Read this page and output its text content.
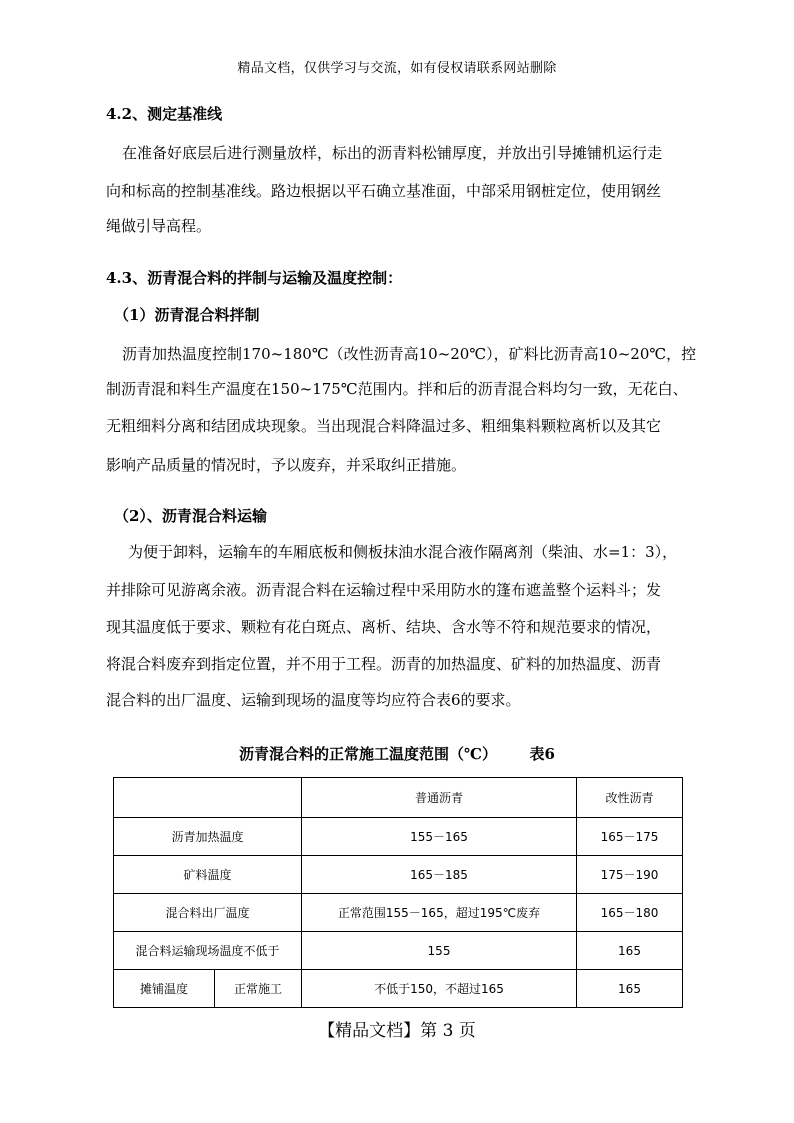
精品文档，仅供学习与交流，如有侵权请联系网站删除
4.2、测定基准线
在准备好底层后进行测量放样，标出的沥青料松铺厚度，并放出引导摊铺机运行走
向和标高的控制基准线。路边根据以平石确立基准面，中部采用钢桩定位，使用钢丝
绳做引导高程。
4.3、沥青混合料的拌制与运输及温度控制：
（1）沥青混合料拌制
沥青加热温度控制170~180℃（改性沥青高10~20℃），矿料比沥青高10~20℃，控
制沥青混和料生产温度在150~175℃范围内。拌和后的沥青混合料均匀一致，无花白、
无粗细料分离和结团成块现象。当出现混合料降温过多、粗细集料颗粒离析以及其它
影响产品质量的情况时，予以废弃，并采取纠正措施。
（2）、沥青混合料运输
为便于卸料，运输车的车厢底板和侧板抹油水混合液作隔离剂（柴油、水=1：3），
并排除可见游离余液。沥青混合料在运输过程中采用防水的篷布遮盖整个运料斗；发
现其温度低于要求、颗粒有花白斑点、离析、结块、含水等不符和规范要求的情况，
将混合料废弃到指定位置，并不用于工程。沥青的加热温度、矿料的加热温度、沥青
混合料的出厂温度、运输到现场的温度等均应符合表6的要求。
沥青混合料的正常施工温度范围（℃） 表6
		普通沥青	改性沥青
沥青加热温度		155－165	165－175
矿料温度		165－185	175－190
混合料出厂温度		正常范围155－165，超过195℃废弃	165－180
混合料运输现场温度不低于		155	165
摊铺温度	正常施工	不低于150，不超过165	165
【精品文档】第 3 页
